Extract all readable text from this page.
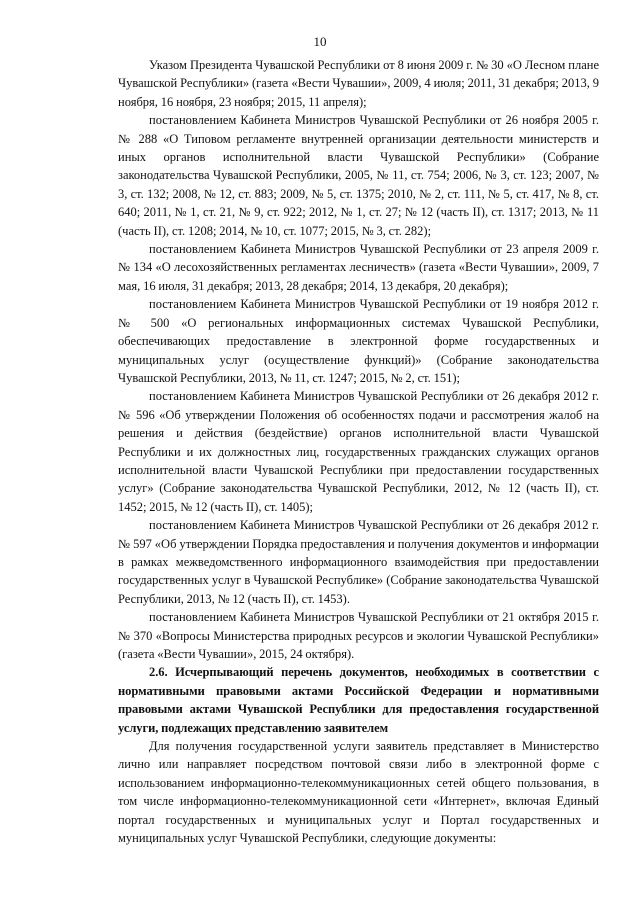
10

Указом Президента Чувашской Республики от 8 июня 2009 г. № 30 «О Лесном плане Чувашской Республики» (газета «Вести Чувашии», 2009, 4 июля; 2011, 31 декабря; 2013, 9 ноября, 16 ноября, 23 ноября; 2015, 11 апреля);

постановлением Кабинета Министров Чувашской Республики от 26 ноября 2005 г. № 288 «О Типовом регламенте внутренней организации деятельности министерств и иных органов исполнительной власти Чувашской Республики» (Собрание законодательства Чувашской Республики, 2005, № 11, ст. 754; 2006, № 3, ст. 123; 2007, № 3, ст. 132; 2008, № 12, ст. 883; 2009, № 5, ст. 1375; 2010, № 2, ст. 111, № 5, ст. 417, № 8, ст. 640; 2011, № 1, ст. 21, № 9, ст. 922; 2012, № 1, ст. 27; № 12 (часть II), ст. 1317; 2013, № 11 (часть II), ст. 1208; 2014, № 10, ст. 1077; 2015, № 3, ст. 282);

постановлением Кабинета Министров Чувашской Республики от 23 апреля 2009 г. № 134 «О лесохозяйственных регламентах лесничеств» (газета «Вести Чувашии», 2009, 7 мая, 16 июля, 31 декабря; 2013, 28 декабря; 2014, 13 декабря, 20 декабря);

постановлением Кабинета Министров Чувашской Республики от 19 ноября 2012 г. № 500 «О региональных информационных системах Чувашской Республики, обеспечивающих предоставление в электронной форме государственных и муниципальных услуг (осуществление функций)» (Собрание законодательства Чувашской Республики, 2013, № 11, ст. 1247; 2015, № 2, ст. 151);

постановлением Кабинета Министров Чувашской Республики от 26 декабря 2012 г. № 596 «Об утверждении Положения об особенностях подачи и рассмотрения жалоб на решения и действия (бездействие) органов исполнительной власти Чувашской Республики и их должностных лиц, государственных гражданских служащих органов исполнительной власти Чувашской Республики при предоставлении государственных услуг» (Собрание законодательства Чувашской Республики, 2012, № 12 (часть II), ст. 1452; 2015, № 12 (часть II), ст. 1405);

постановлением Кабинета Министров Чувашской Республики от 26 декабря 2012 г. № 597 «Об утверждении Порядка предоставления и получения документов и информации в рамках межведомственного информационного взаимодействия при предоставлении государственных услуг в Чувашской Республике» (Собрание законодательства Чувашской Республики, 2013, № 12 (часть II), ст. 1453).

постановлением Кабинета Министров Чувашской Республики от 21 октября 2015 г. № 370 «Вопросы Министерства природных ресурсов и экологии Чувашской Республики» (газета «Вести Чувашии», 2015, 24 октября).

2.6. Исчерпывающий перечень документов, необходимых в соответствии с нормативными правовыми актами Российской Федерации и нормативными правовыми актами Чувашской Республики для предоставления государственной услуги, подлежащих представлению заявителем

Для получения государственной услуги заявитель представляет в Министерство лично или направляет посредством почтовой связи либо в электронной форме с использованием информационно-телекоммуникационных сетей общего пользования, в том числе информационно-телекоммуникационной сети «Интернет», включая Единый портал государственных и муниципальных услуг и Портал государственных и муниципальных услуг Чувашской Республики, следующие документы:
